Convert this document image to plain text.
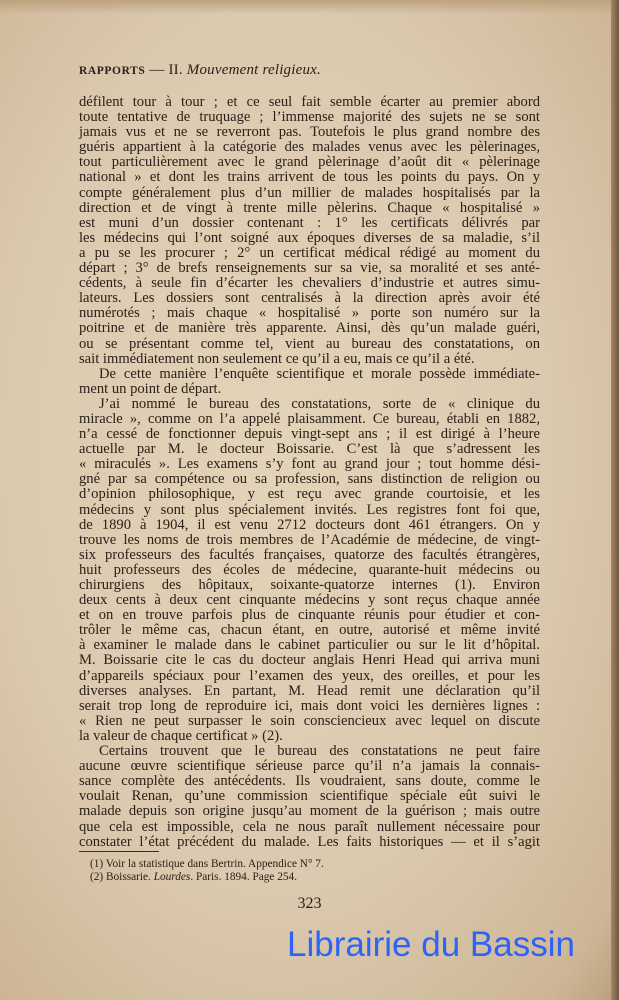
RAPPORTS — II. Mouvement religieux.
défilent tour à tour ; et ce seul fait semble écarter au premier abord
toute tentative de truquage ; l’immense majorité des sujets ne se sont
jamais vus et ne se reverront pas. Toutefois le plus grand nombre des
guéris appartient à la catégorie des malades venus avec les pèlerinages,
tout particulièrement avec le grand pèlerinage d’août dit « pèlerinage
national » et dont les trains arrivent de tous les points du pays. On y
compte généralement plus d’un millier de malades hospitalisés par la
direction et de vingt à trente mille pèlerins. Chaque « hospitalisé »
est muni d’un dossier contenant : 1° les certificats délivrés par
les médecins qui l’ont soigné aux époques diverses de sa maladie, s’il
a pu se les procurer ; 2° un certificat médical rédigé au moment du
départ ; 3° de brefs renseignements sur sa vie, sa moralité et ses anté-
cédents, à seule fin d’écarter les chevaliers d’industrie et autres simu-
lateurs. Les dossiers sont centralisés à la direction après avoir été
numérotés ; mais chaque « hospitalisé » porte son numéro sur la
poitrine et de manière très apparente. Ainsi, dès qu’un malade guéri,
ou se présentant comme tel, vient au bureau des constatations, on
sait immédiatement non seulement ce qu’il a eu, mais ce qu’il a été.
De cette manière l’enquête scientifique et morale possède immédiate-
ment un point de départ.
J’ai nommé le bureau des constatations, sorte de « clinique du
miracle », comme on l’a appelé plaisamment. Ce bureau, établi en 1882,
n’a cessé de fonctionner depuis vingt-sept ans ; il est dirigé à l’heure
actuelle par M. le docteur Boissarie. C’est là que s’adressent les
« miraculés ». Les examens s’y font au grand jour ; tout homme dési-
gné par sa compétence ou sa profession, sans distinction de religion ou
d’opinion philosophique, y est reçu avec grande courtoisie, et les
médecins y sont plus spécialement invités. Les registres font foi que,
de 1890 à 1904, il est venu 2712 docteurs dont 461 étrangers. On y
trouve les noms de trois membres de l’Académie de médecine, de vingt-
six professeurs des facultés françaises, quatorze des facultés étrangères,
huit professeurs des écoles de médecine, quarante-huit médecins ou
chirurgiens des hôpitaux, soixante-quatorze internes (1). Environ
deux cents à deux cent cinquante médecins y sont reçus chaque année
et on en trouve parfois plus de cinquante réunis pour étudier et con-
trôler le même cas, chacun étant, en outre, autorisé et même invité
à examiner le malade dans le cabinet particulier ou sur le lit d’hôpital.
M. Boissarie cite le cas du docteur anglais Henri Head qui arriva muni
d’appareils spéciaux pour l’examen des yeux, des oreilles, et pour les
diverses analyses. En partant, M. Head remit une déclaration qu’il
serait trop long de reproduire ici, mais dont voici les dernières lignes :
« Rien ne peut surpasser le soin consciencieux avec lequel on discute
la valeur de chaque certificat » (2).
Certains trouvent que le bureau des constatations ne peut faire
aucune œuvre scientifique sérieuse parce qu’il n’a jamais la connais-
sance complète des antécédents. Ils voudraient, sans doute, comme le
voulait Renan, qu’une commission scientifique spéciale eût suivi le
malade depuis son origine jusqu’au moment de la guérison ; mais outre
que cela est impossible, cela ne nous paraît nullement nécessaire pour
constater l’état précédent du malade. Les faits historiques — et il s’agit
(1) Voir la statistique dans Bertrin. Appendice N° 7.
(2) Boissarie. Lourdes. Paris. 1894. Page 254.
323
Librairie du Bassin
